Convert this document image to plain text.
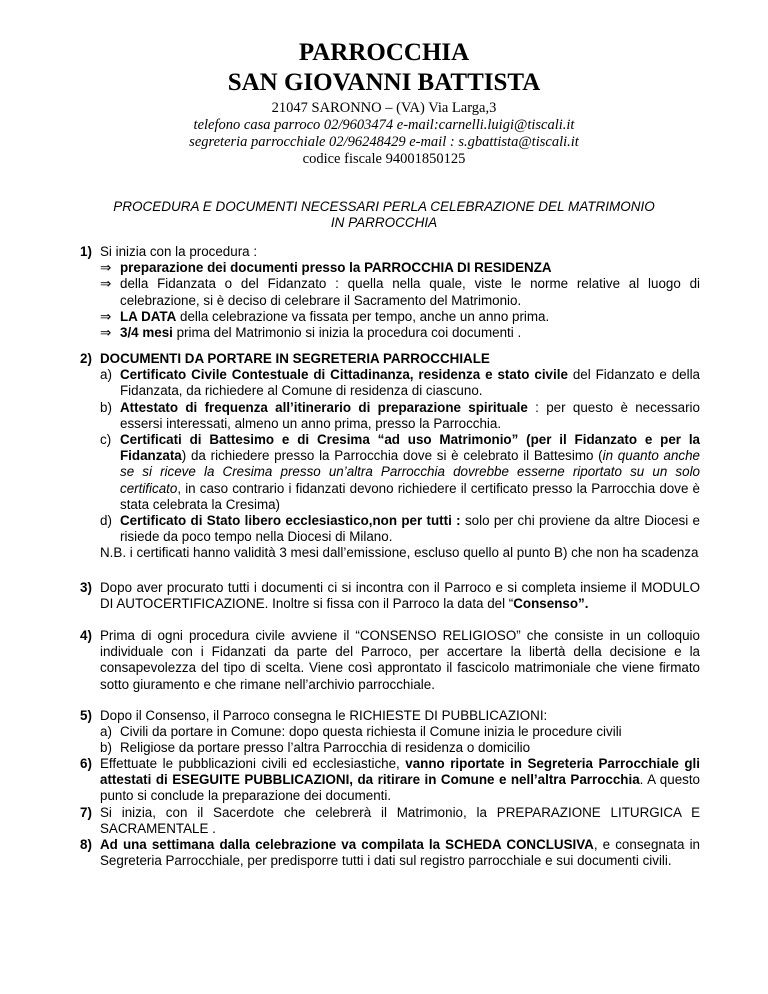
PARROCCHIA
SAN GIOVANNI BATTISTA
21047 SARONNO – (VA) Via Larga,3
telefono casa parroco 02/9603474 e-mail:carnelli.luigi@tiscali.it
segreteria parrocchiale 02/96248429 e-mail : s.gbattista@tiscali.it
codice fiscale 94001850125
PROCEDURA E DOCUMENTI NECESSARI PERLA CELEBRAZIONE DEL MATRIMONIO
IN PARROCCHIA
1) Si inizia con la procedura :
⇒ preparazione dei documenti presso la PARROCCHIA DI RESIDENZA
⇒ della Fidanzata o del Fidanzato : quella nella quale, viste le norme relative al luogo di celebrazione, si è deciso di celebrare il Sacramento del Matrimonio.
⇒ LA DATA della celebrazione va fissata per tempo, anche un anno prima.
⇒ 3/4 mesi prima del Matrimonio si inizia la procedura coi documenti .
2) DOCUMENTI DA PORTARE IN SEGRETERIA PARROCCHIALE
a) Certificato Civile Contestuale di Cittadinanza, residenza e stato civile del Fidanzato e della Fidanzata, da richiedere al Comune di residenza di ciascuno.
b) Attestato di frequenza all’itinerario di preparazione spirituale : per questo è necessario essersi interessati, almeno un anno prima, presso la Parrocchia.
c) Certificati di Battesimo e di Cresima “ad uso Matrimonio” (per il Fidanzato e per la Fidanzata) da richiedere presso la Parrocchia dove si è celebrato il Battesimo (in quanto anche se si riceve la Cresima presso un’altra Parrocchia dovrebbe esserne riportato su un solo certificato, in caso contrario i fidanzati devono richiedere il certificato presso la Parrocchia dove è stata celebrata la Cresima)
d) Certificato di Stato libero ecclesiastico,non per tutti : solo per chi proviene da altre Diocesi e risiede da poco tempo nella Diocesi di Milano.
N.B. i certificati hanno validità 3 mesi dall’emissione, escluso quello al punto B) che non ha scadenza
3) Dopo aver procurato tutti i documenti ci si incontra con il Parroco e si completa insieme il MODULO DI AUTOCERTIFICAZIONE. Inoltre si fissa con il Parroco la data del “Consenso”.
4) Prima di ogni procedura civile avviene il “CONSENSO RELIGIOSO” che consiste in un colloquio individuale con i Fidanzati da parte del Parroco, per accertare la libertà della decisione e la consapevolezza del tipo di scelta. Viene così approntato il fascicolo matrimoniale che viene firmato sotto giuramento e che rimane nell’archivio parrocchiale.
5) Dopo il Consenso, il Parroco consegna le RICHIESTE DI PUBBLICAZIONI:
a) Civili da portare in Comune: dopo questa richiesta il Comune inizia le procedure civili
b) Religiose da portare presso l’altra Parrocchia di residenza o domicilio
6) Effettuate le pubblicazioni civili ed ecclesiastiche, vanno riportate in Segreteria Parrocchiale gli attestati di ESEGUITE PUBBLICAZIONI, da ritirare in Comune e nell’altra Parrocchia. A questo punto si conclude la preparazione dei documenti.
7) Si inizia, con il Sacerdote che celebrerà il Matrimonio, la PREPARAZIONE LITURGICA E SACRAMENTALE .
8) Ad una settimana dalla celebrazione va compilata la SCHEDA CONCLUSIVA, e consegnata in Segreteria Parrocchiale, per predisporre tutti i dati sul registro parrocchiale e sui documenti civili.
